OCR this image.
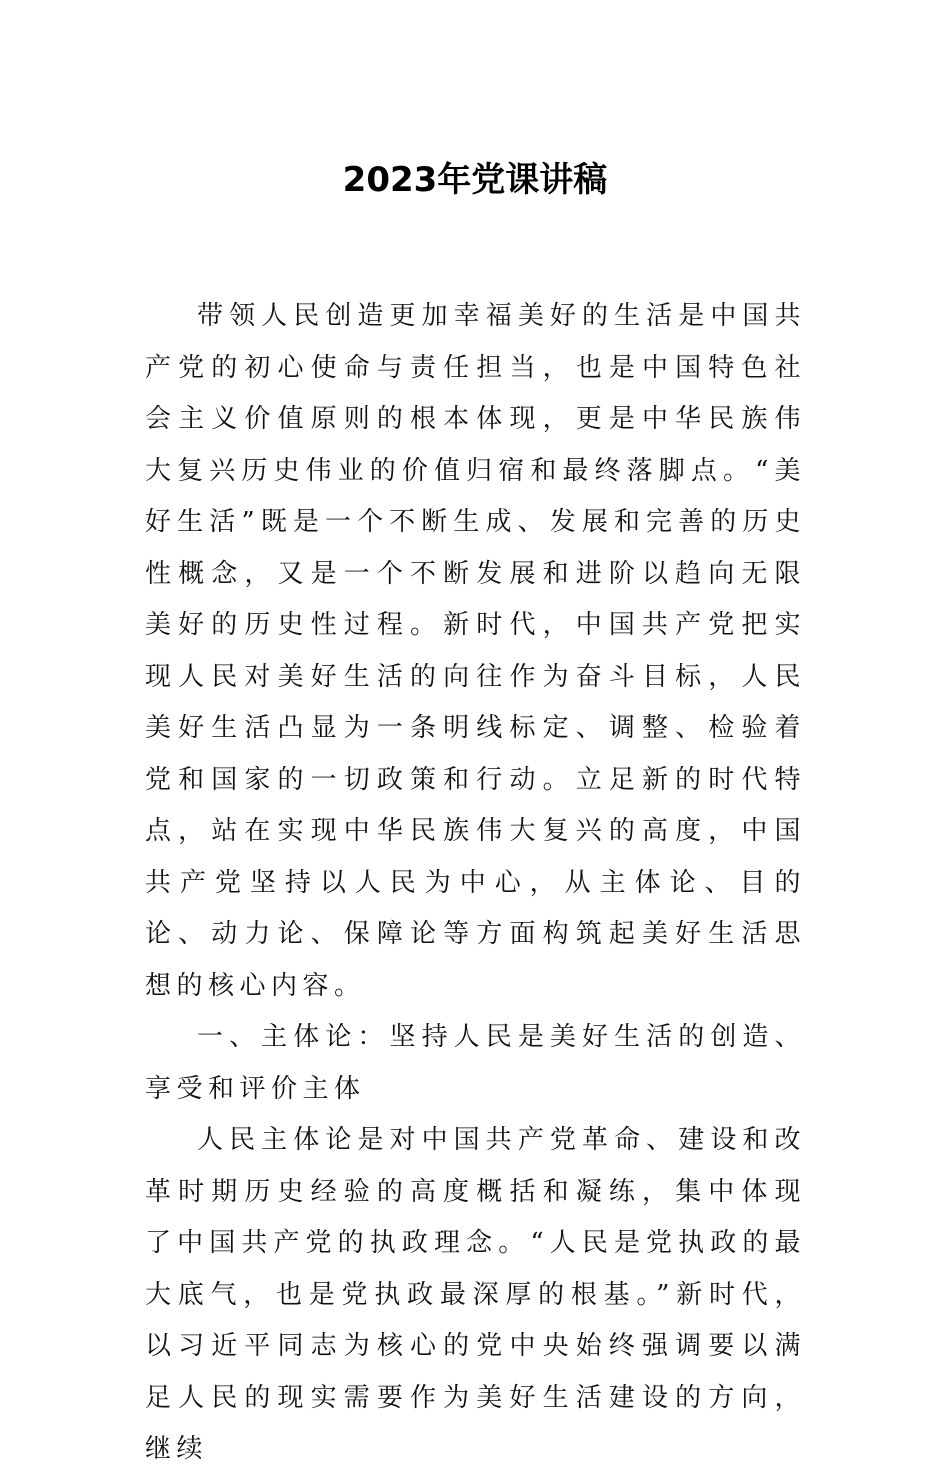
2023年党课讲稿

带领人民创造更加幸福美好的生活是中国共产党的初心使命与责任担当，也是中国特色社会主义价值原则的根本体现，更是中华民族伟大复兴历史伟业的价值归宿和最终落脚点。“美好生活”既是一个不断生成、发展和完善的历史性概念，又是一个不断发展和进阶以趋向无限美好的历史性过程。新时代，中国共产党把实现人民对美好生活的向往作为奋斗目标，人民美好生活凸显为一条明线标定、调整、检验着党和国家的一切政策和行动。立足新的时代特点，站在实现中华民族伟大复兴的高度，中国共产党坚持以人民为中心，从主体论、目的论、动力论、保障论等方面构筑起美好生活思想的核心内容。

一、主体论：坚持人民是美好生活的创造、享受和评价主体

人民主体论是对中国共产党革命、建设和改革时期历史经验的高度概括和凝练，集中体现了中国共产党的执政理念。“人民是党执政的最大底气，也是党执政最深厚的根基。”新时代，以习近平同志为核心的党中央始终强调要以满足人民的现实需要作为美好生活建设的方向，继续
